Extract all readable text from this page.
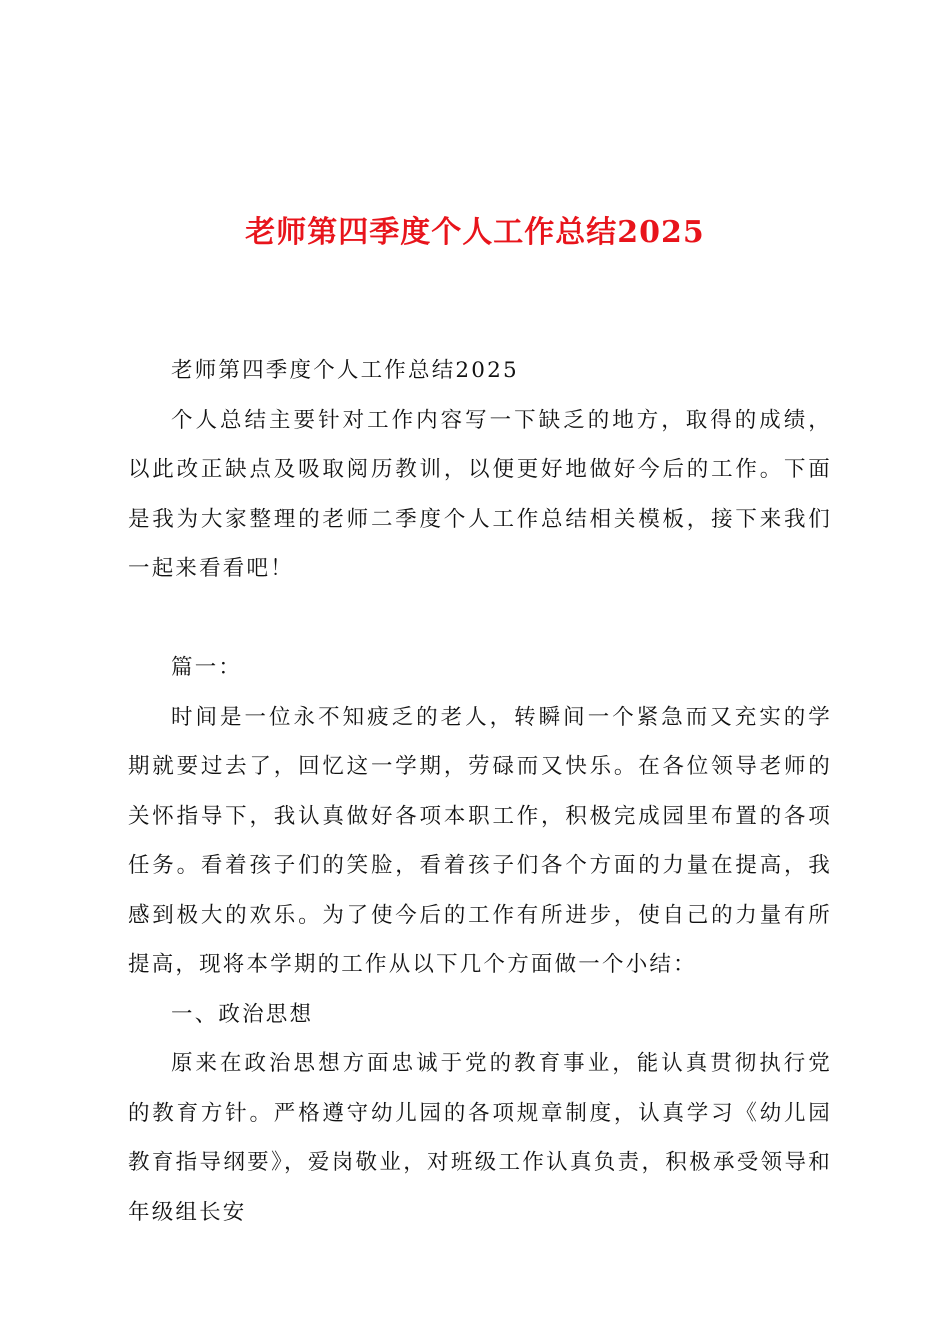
老师第四季度个人工作总结2025

老师第四季度个人工作总结2025

个人总结主要针对工作内容写一下缺乏的地方，取得的成绩，以此改正缺点及吸取阅历教训，以便更好地做好今后的工作。下面是我为大家整理的老师二季度个人工作总结相关模板，接下来我们一起来看看吧！

篇一：

时间是一位永不知疲乏的老人，转瞬间一个紧急而又充实的学期就要过去了，回忆这一学期，劳碌而又快乐。在各位领导老师的关怀指导下，我认真做好各项本职工作，积极完成园里布置的各项任务。看着孩子们的笑脸，看着孩子们各个方面的力量在提高，我感到极大的欢乐。为了使今后的工作有所进步，使自己的力量有所提高，现将本学期的工作从以下几个方面做一个小结：

一、政治思想

原来在政治思想方面忠诚于党的教育事业，能认真贯彻执行党的教育方针。严格遵守幼儿园的各项规章制度，认真学习《幼儿园教育指导纲要》，爱岗敬业，对班级工作认真负责，积极承受领导和年级组长安
